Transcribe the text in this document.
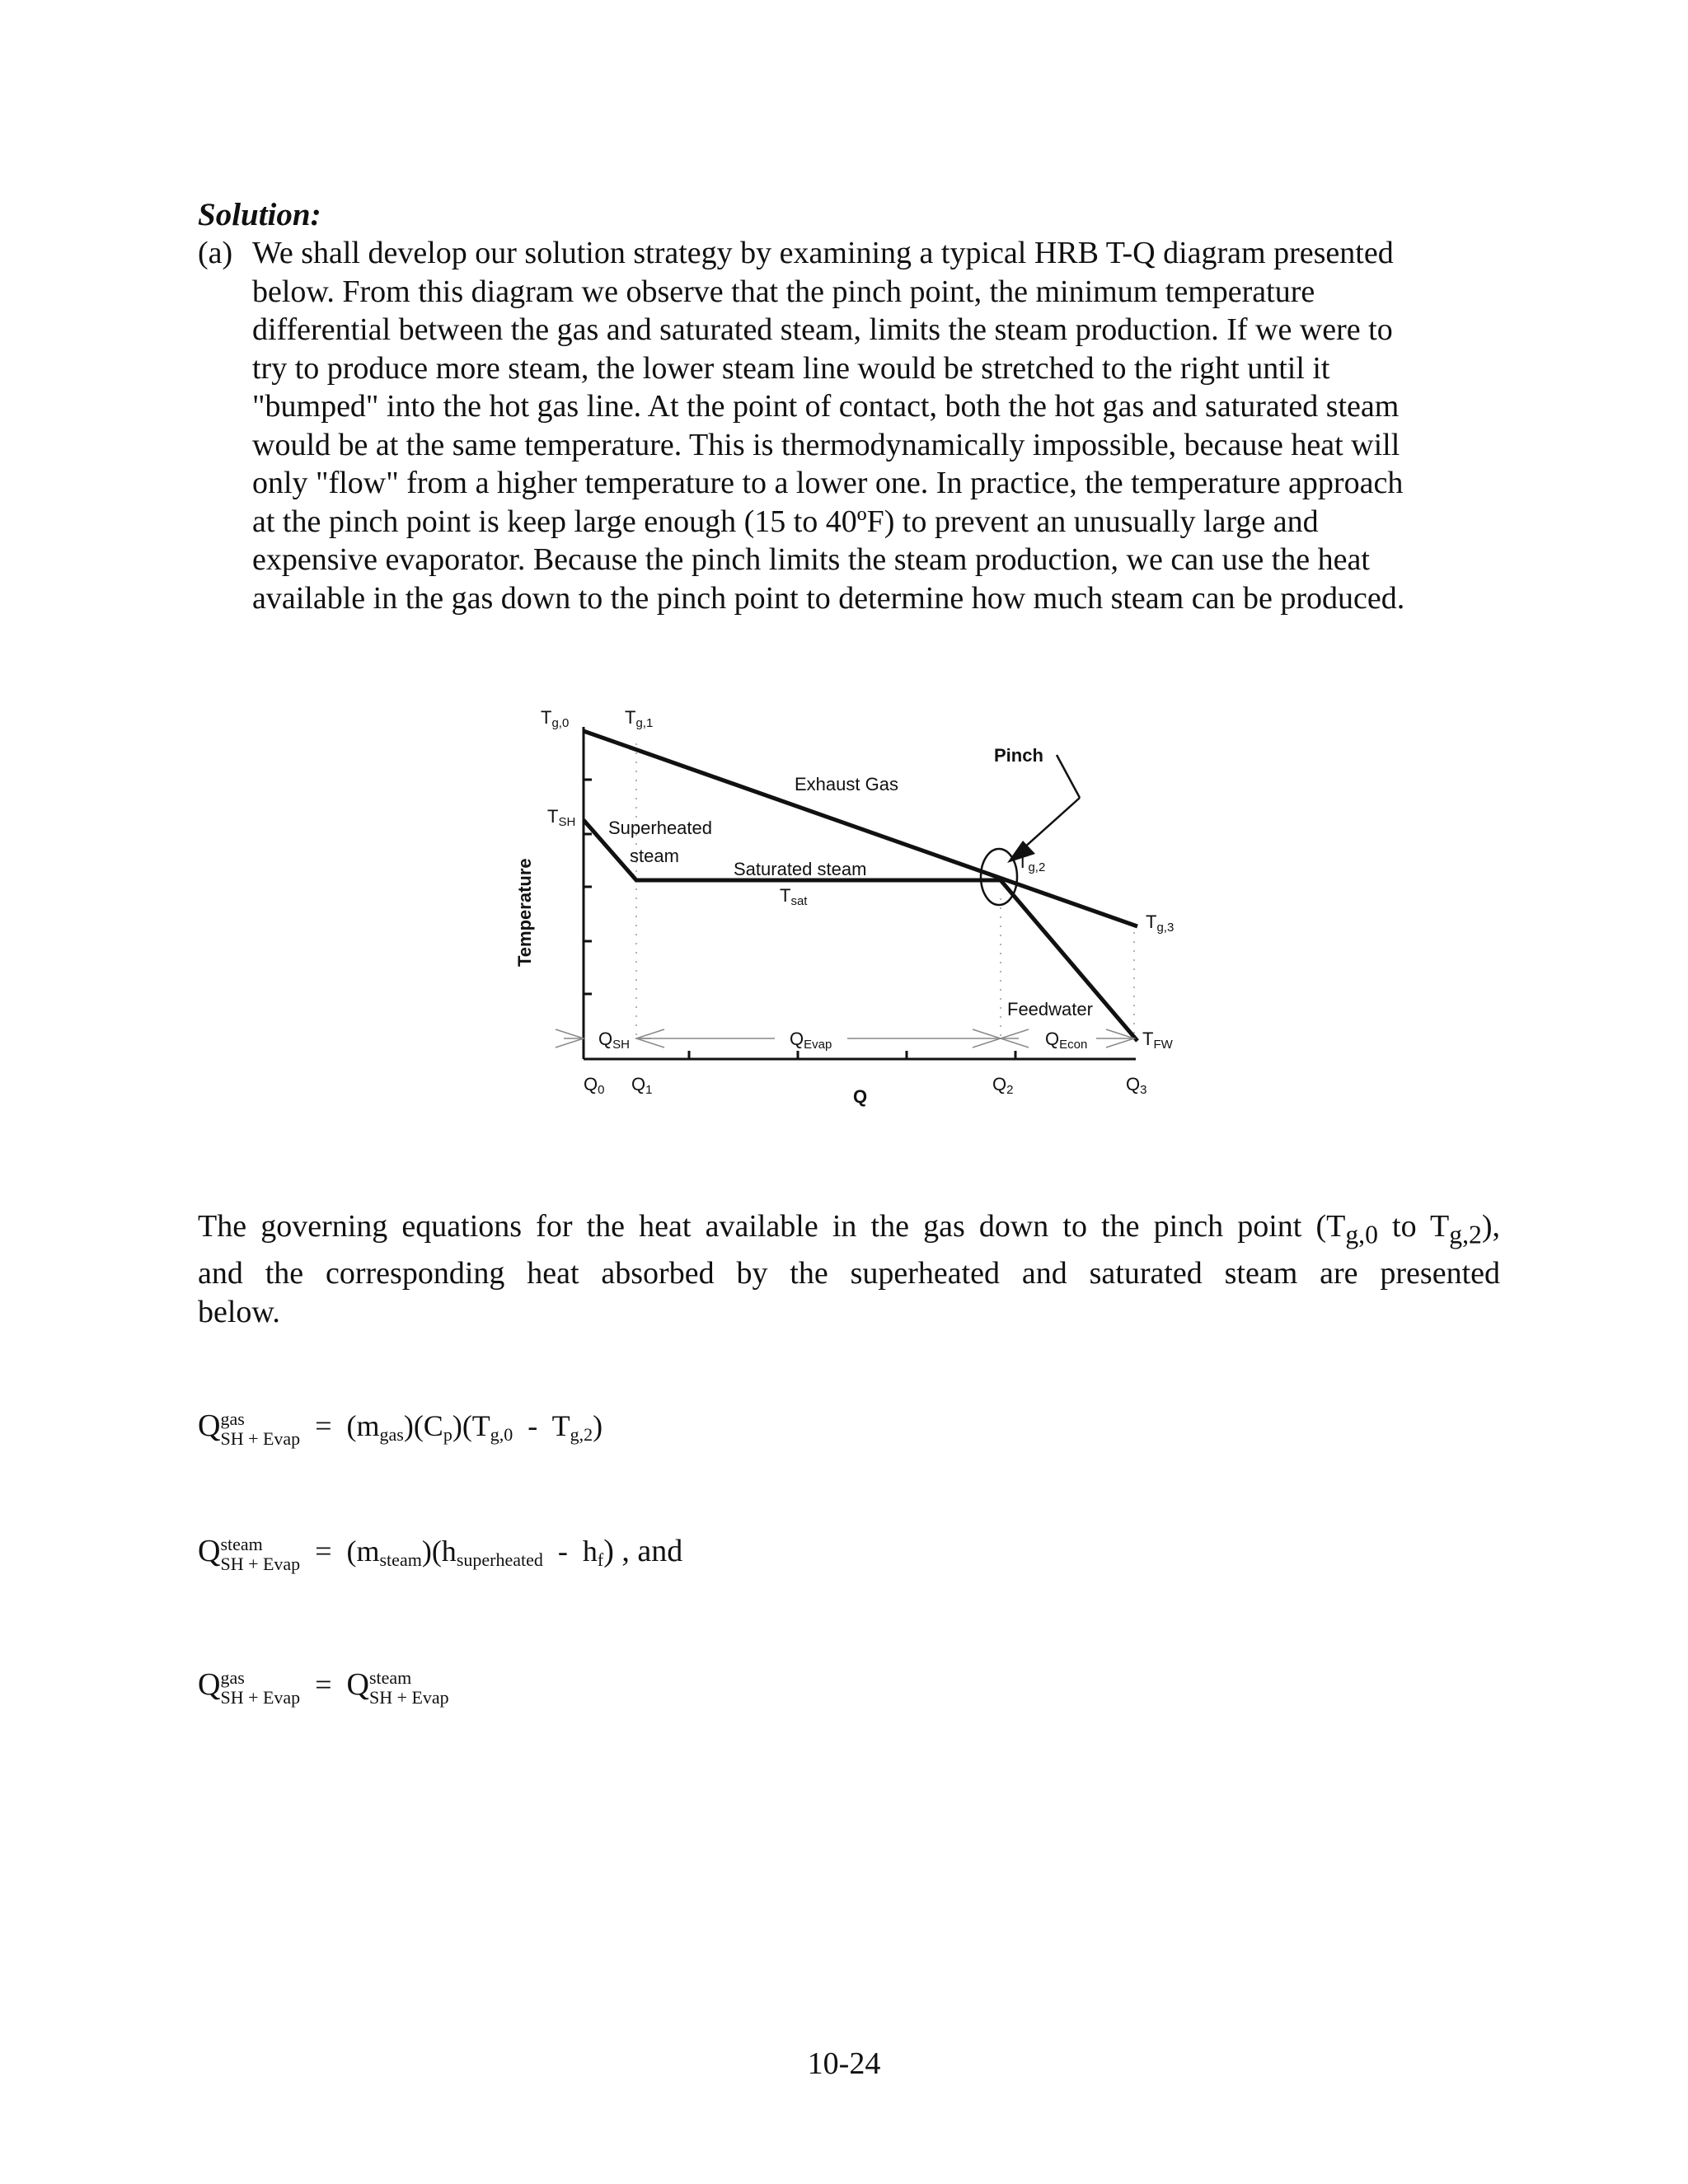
Solution:
(a) We shall develop our solution strategy by examining a typical HRB T-Q diagram presented
below. From this diagram we observe that the pinch point, the minimum temperature
differential between the gas and saturated steam, limits the steam production. If we were to
try to produce more steam, the lower steam line would be stretched to the right until it
"bumped" into the hot gas line. At the point of contact, both the hot gas and saturated steam
would be at the same temperature. This is thermodynamically impossible, because heat will
only "flow" from a higher temperature to a lower one. In practice, the temperature approach
at the pinch point is keep large enough (15 to 40ºF) to prevent an unusually large and
expensive evaporator. Because the pinch limits the steam production, we can use the heat
available in the gas down to the pinch point to determine how much steam can be produced.
Tg,0	Tg,1
TSH
Tg,2
Tg,3
TFW
Tsat
Pinch
Exhaust Gas
Superheated
steam
Saturated steam
Feedwater
QSH	QEvap	QEcon
Q0 Q1	Q2	Q3
Q
Temperature
The governing equations for the heat available in the gas down to the pinch point ($T_{g,0}$ to $T_{g,2}$),
and the corresponding heat absorbed by the superheated and saturated steam are presented
below.
Q gas
SH + Evap = (mgas)(Cp)(Tg,0  -  Tg,2)
Q steam
SH + Evap = (msteam)(hsuperheated  -  hf) , and
Q gas
SH + Evap = Q steam
SH + Evap
10-24
